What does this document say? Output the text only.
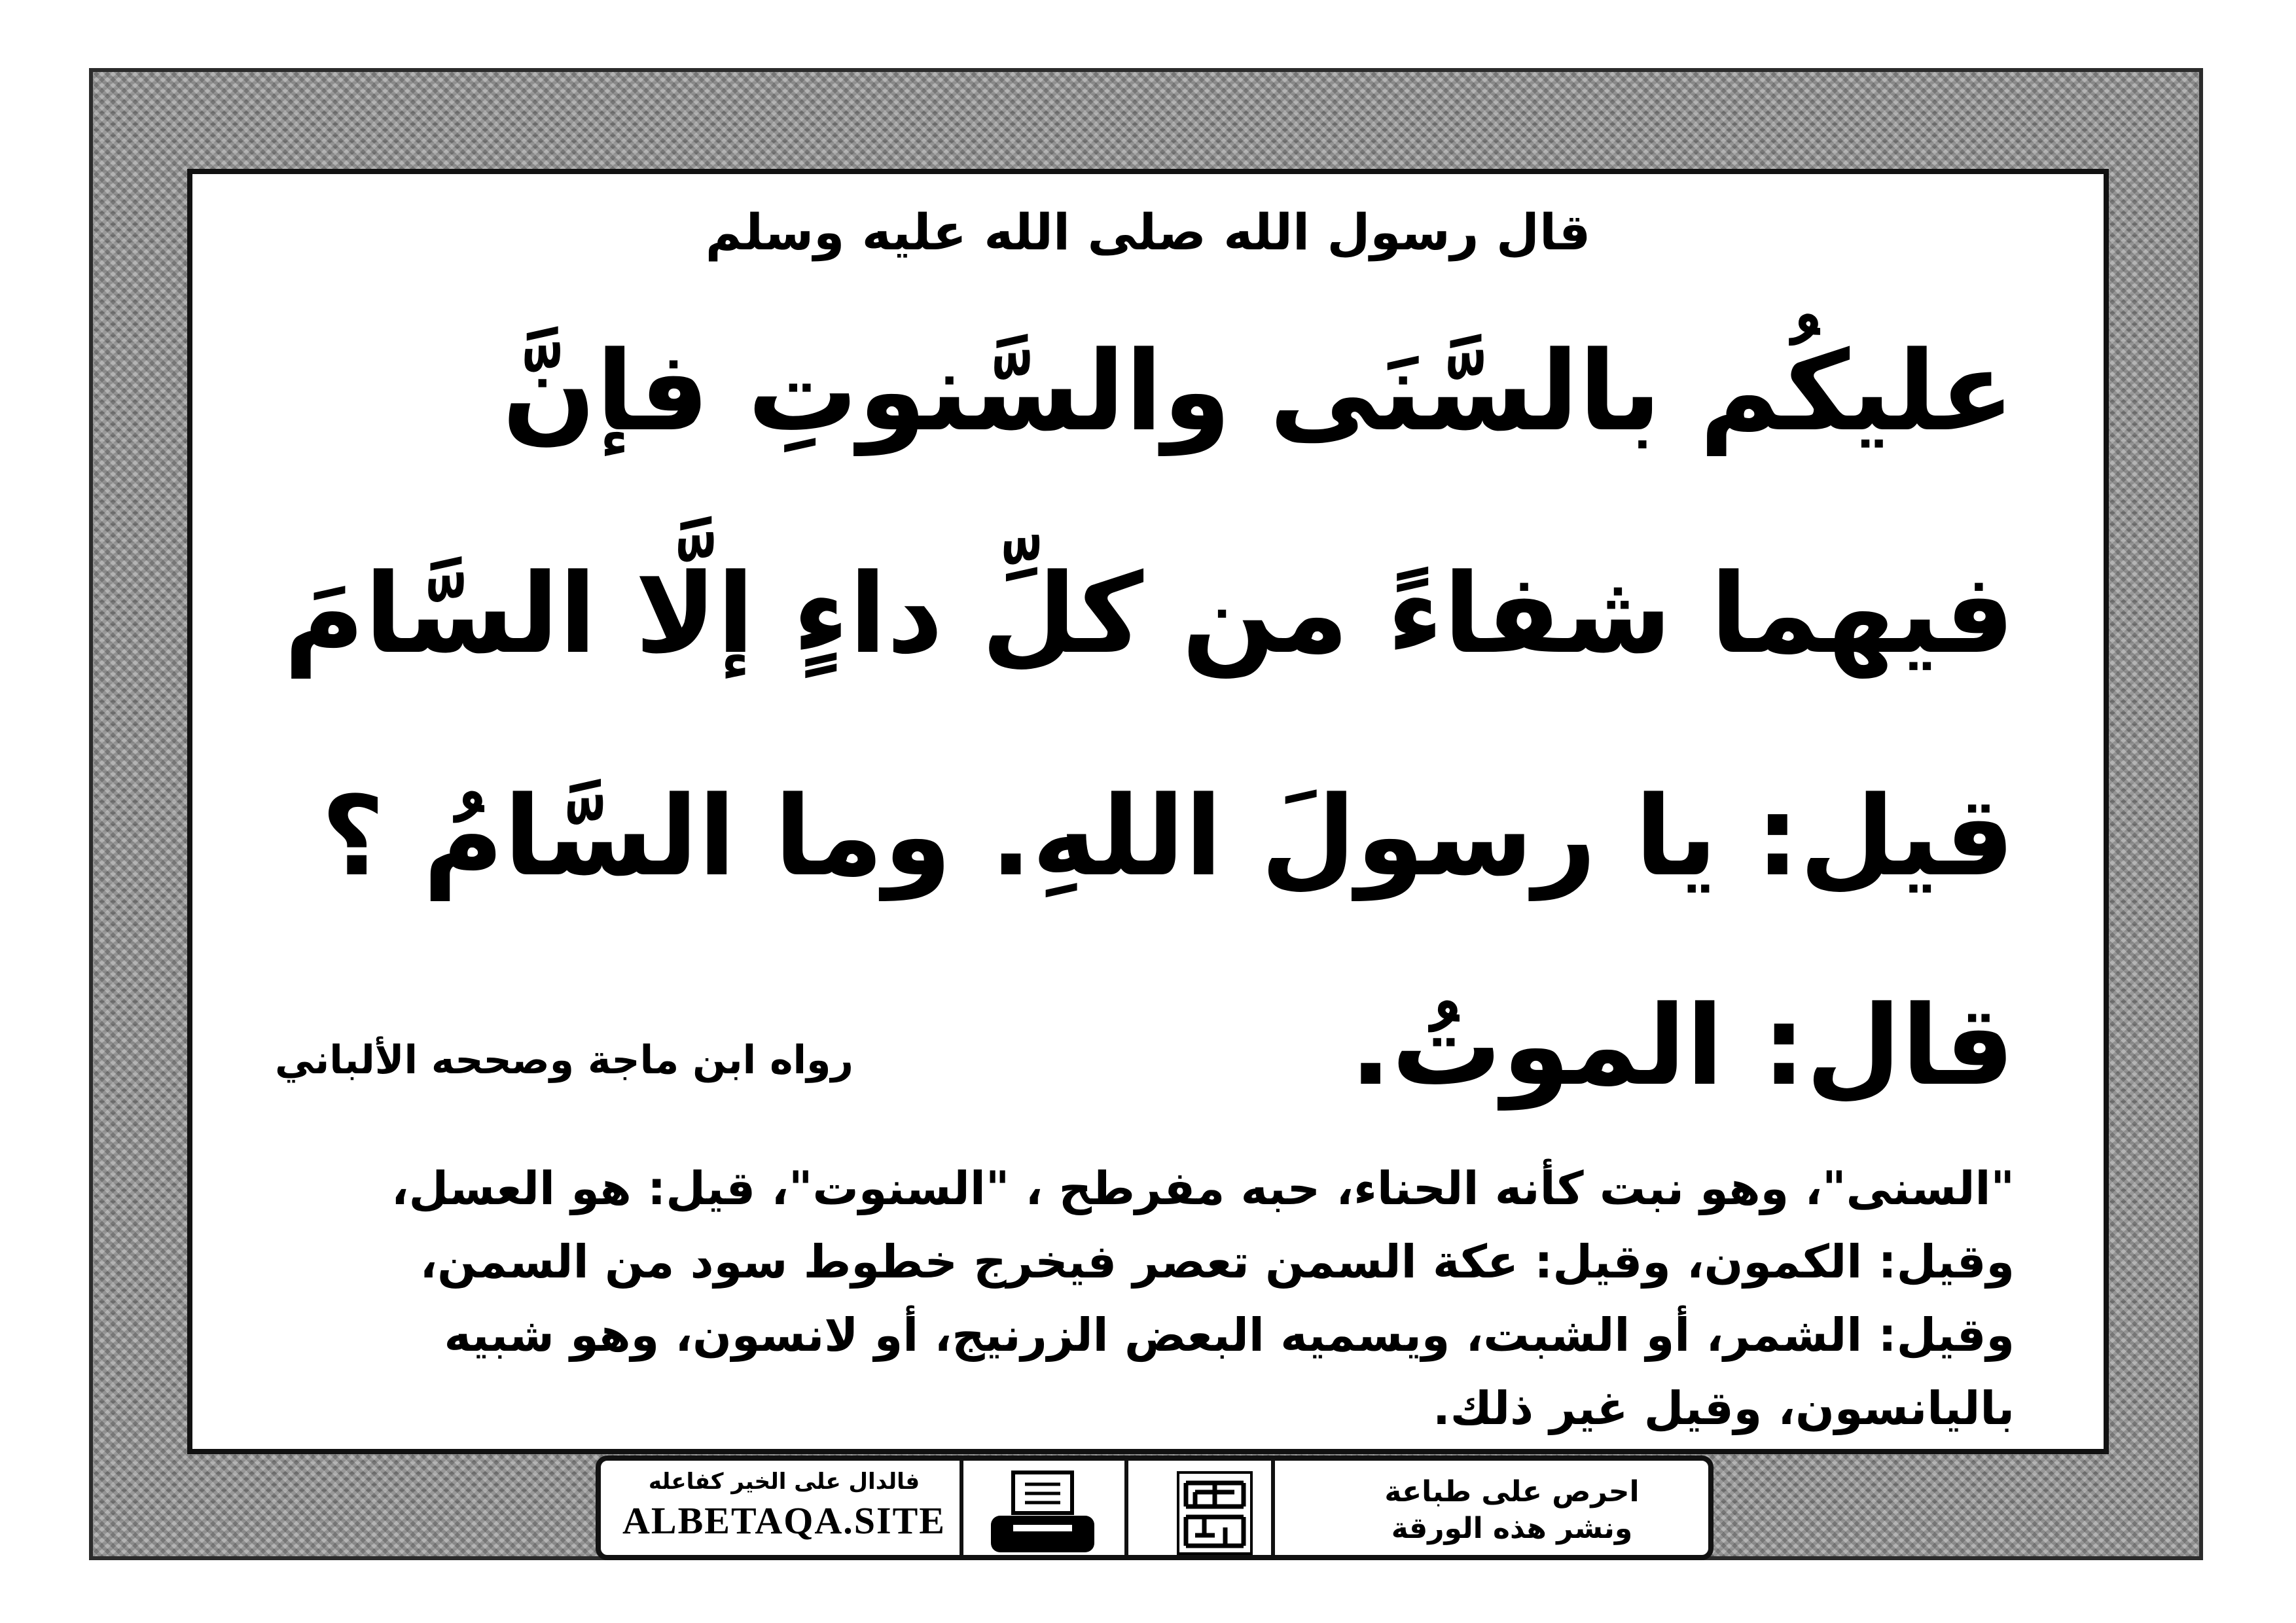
قال رسول الله صلى الله عليه وسلم
عليكُم بالسَّنَى والسَّنوتِ فإنَّ
فيهما شفاءً من كلِّ داءٍ إلَّا السَّامَ
قيل: يا رسولَ اللهِ. وما السَّامُ ؟
قال: الموتُ.
رواه ابن ماجة وصححه الألباني
"السنى"، وهو نبت كأنه الحناء، حبه مفرطح ، "السنوت"، قيل: هو العسل،
وقيل: الكمون، وقيل: عكة السمن تعصر فيخرج خطوط سود من السمن،
وقيل: الشمر، أو الشبت، ويسميه البعض الزرنيج، أو لانسون، وهو شبيه
باليانسون، وقيل غير ذلك.
فالدال على الخير كفاعله
ALBETAQA.SITE
احرص على طباعة
ونشر هذه الورقة
